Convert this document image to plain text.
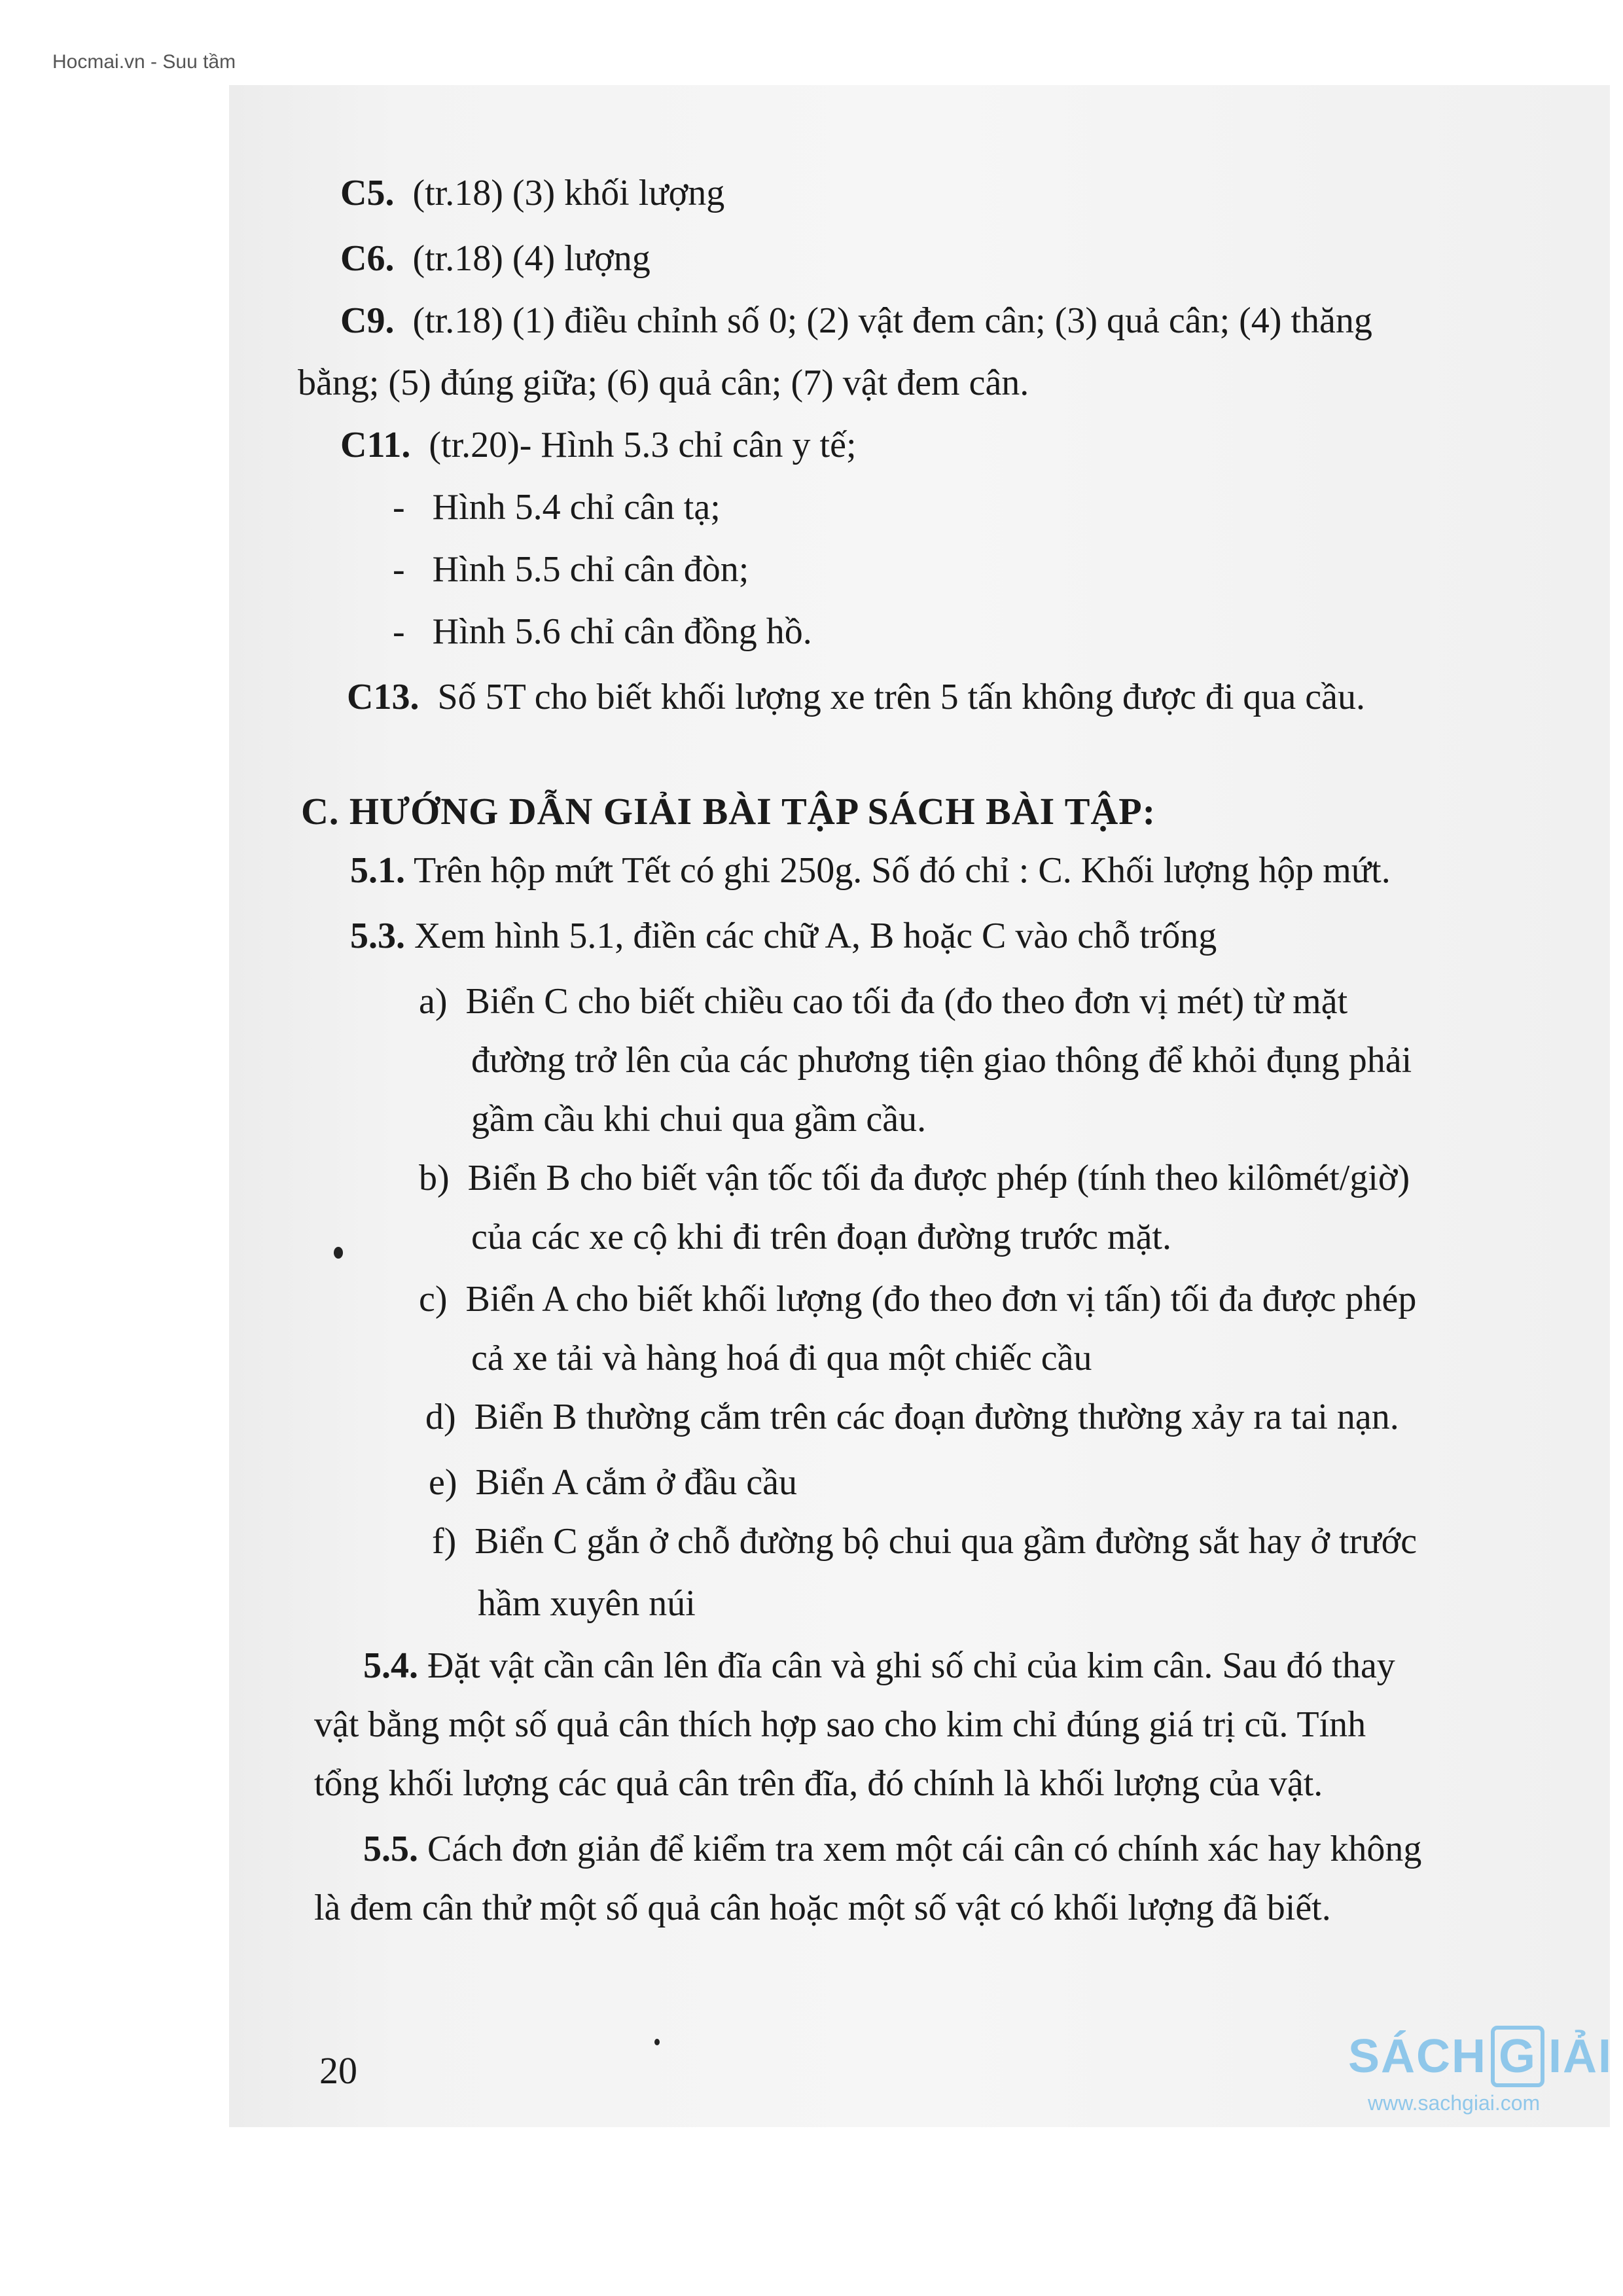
Hocmai.vn - Suu tầm
C5. (tr.18) (3) khối lượng
C6. (tr.18) (4) lượng
C9. (tr.18) (1) điều chỉnh số 0; (2) vật đem cân; (3) quả cân; (4) thăng
bằng; (5) đúng giữa; (6) quả cân; (7) vật đem cân.
C11. (tr.20)- Hình 5.3 chỉ cân y tế;
- Hình 5.4 chỉ cân tạ;
- Hình 5.5 chỉ cân đòn;
- Hình 5.6 chỉ cân đồng hồ.
C13. Số 5T cho biết khối lượng xe trên 5 tấn không được đi qua cầu.
C. HƯỚNG DẪN GIẢI BÀI TẬP SÁCH BÀI TẬP:
5.1. Trên hộp mứt Tết có ghi 250g. Số đó chỉ : C. Khối lượng hộp mứt.
5.3. Xem hình 5.1, điền các chữ A, B hoặc C vào chỗ trống
a) Biển C cho biết chiều cao tối đa (đo theo đơn vị mét) từ mặt
đường trở lên của các phương tiện giao thông để khỏi đụng phải
gầm cầu khi chui qua gầm cầu.
b) Biển B cho biết vận tốc tối đa được phép (tính theo kilômét/giờ)
của các xe cộ khi đi trên đoạn đường trước mặt.
c) Biển A cho biết khối lượng (đo theo đơn vị tấn) tối đa được phép
cả xe tải và hàng hoá đi qua một chiếc cầu
d) Biển B thường cắm trên các đoạn đường thường xảy ra tai nạn.
e) Biển A cắm ở đầu cầu
f) Biển C gắn ở chỗ đường bộ chui qua gầm đường sắt hay ở trước
hầm xuyên núi
5.4. Đặt vật cần cân lên đĩa cân và ghi số chỉ của kim cân. Sau đó thay
vật bằng một số quả cân thích hợp sao cho kim chỉ đúng giá trị cũ. Tính
tổng khối lượng các quả cân trên đĩa, đó chính là khối lượng của vật.
5.5. Cách đơn giản để kiểm tra xem một cái cân có chính xác hay không
là đem cân thử một số quả cân hoặc một số vật có khối lượng đã biết.
20	SÁCH G IẢI
www.sachgiai.com
